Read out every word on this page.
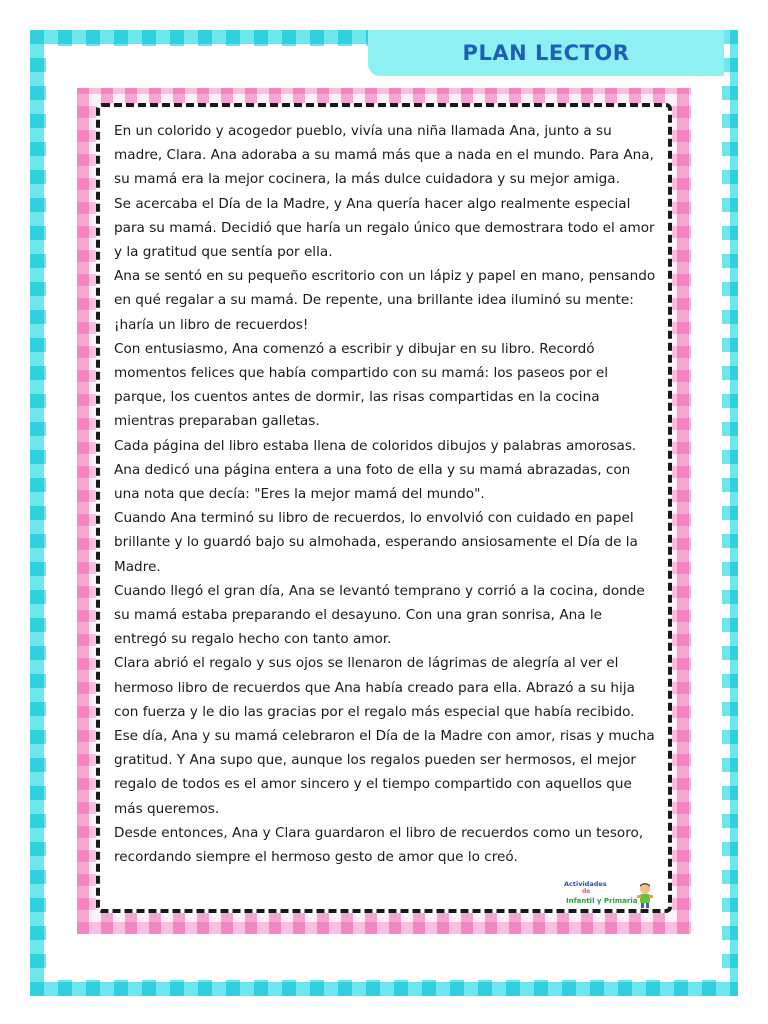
PLAN LECTOR

En un colorido y acogedor pueblo, vivía una niña llamada Ana, junto a su madre, Clara. Ana adoraba a su mamá más que a nada en el mundo. Para Ana, su mamá era la mejor cocinera, la más dulce cuidadora y su mejor amiga.

Se acercaba el Día de la Madre, y Ana quería hacer algo realmente especial para su mamá. Decidió que haría un regalo único que demostrara todo el amor y la gratitud que sentía por ella.

Ana se sentó en su pequeño escritorio con un lápiz y papel en mano, pensando en qué regalar a su mamá. De repente, una brillante idea iluminó su mente: ¡haría un libro de recuerdos!

Con entusiasmo, Ana comenzó a escribir y dibujar en su libro. Recordó momentos felices que había compartido con su mamá: los paseos por el parque, los cuentos antes de dormir, las risas compartidas en la cocina mientras preparaban galletas.

Cada página del libro estaba llena de coloridos dibujos y palabras amorosas. Ana dedicó una página entera a una foto de ella y su mamá abrazadas, con una nota que decía: "Eres la mejor mamá del mundo".

Cuando Ana terminó su libro de recuerdos, lo envolvió con cuidado en papel brillante y lo guardó bajo su almohada, esperando ansiosamente el Día de la Madre.

Cuando llegó el gran día, Ana se levantó temprano y corrió a la cocina, donde su mamá estaba preparando el desayuno. Con una gran sonrisa, Ana le entregó su regalo hecho con tanto amor.

Clara abrió el regalo y sus ojos se llenaron de lágrimas de alegría al ver el hermoso libro de recuerdos que Ana había creado para ella. Abrazó a su hija con fuerza y le dio las gracias por el regalo más especial que había recibido.

Ese día, Ana y su mamá celebraron el Día de la Madre con amor, risas y mucha gratitud. Y Ana supo que, aunque los regalos pueden ser hermosos, el mejor regalo de todos es el amor sincero y el tiempo compartido con aquellos que más queremos.

Desde entonces, Ana y Clara guardaron el libro de recuerdos como un tesoro, recordando siempre el hermoso gesto de amor que lo creó.

Actividades
de
Infantil y Primaria
